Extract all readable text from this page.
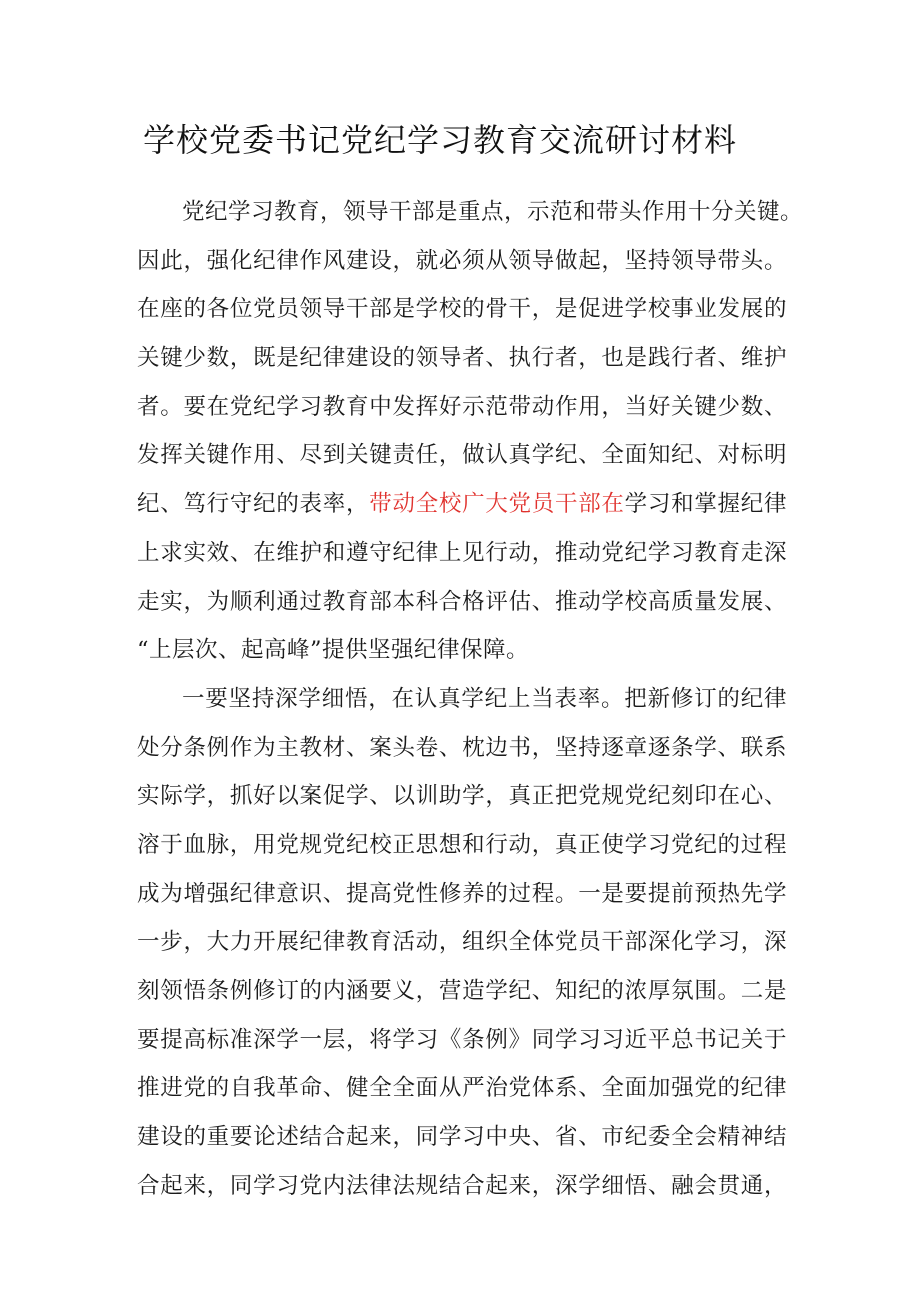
学校党委书记党纪学习教育交流研讨材料
党纪学习教育，领导干部是重点，示范和带头作用十分关键。
因此，强化纪律作风建设，就必须从领导做起，坚持领导带头。
在座的各位党员领导干部是学校的骨干，是促进学校事业发展的
关键少数，既是纪律建设的领导者、执行者，也是践行者、维护
者。要在党纪学习教育中发挥好示范带动作用，当好关键少数、
发挥关键作用、尽到关键责任，做认真学纪、全面知纪、对标明
纪、笃行守纪的表率，带动全校广大党员干部在学习和掌握纪律
上求实效、在维护和遵守纪律上见行动，推动党纪学习教育走深
走实，为顺利通过教育部本科合格评估、推动学校高质量发展、
“上层次、起高峰”提供坚强纪律保障。
一要坚持深学细悟，在认真学纪上当表率。把新修订的纪律
处分条例作为主教材、案头卷、枕边书，坚持逐章逐条学、联系
实际学，抓好以案促学、以训助学，真正把党规党纪刻印在心、
溶于血脉，用党规党纪校正思想和行动，真正使学习党纪的过程
成为增强纪律意识、提高党性修养的过程。一是要提前预热先学
一步，大力开展纪律教育活动，组织全体党员干部深化学习，深
刻领悟条例修订的内涵要义，营造学纪、知纪的浓厚氛围。二是
要提高标准深学一层，将学习《条例》同学习习近平总书记关于
推进党的自我革命、健全全面从严治党体系、全面加强党的纪律
建设的重要论述结合起来，同学习中央、省、市纪委全会精神结
合起来，同学习党内法律法规结合起来，深学细悟、融会贯通，
